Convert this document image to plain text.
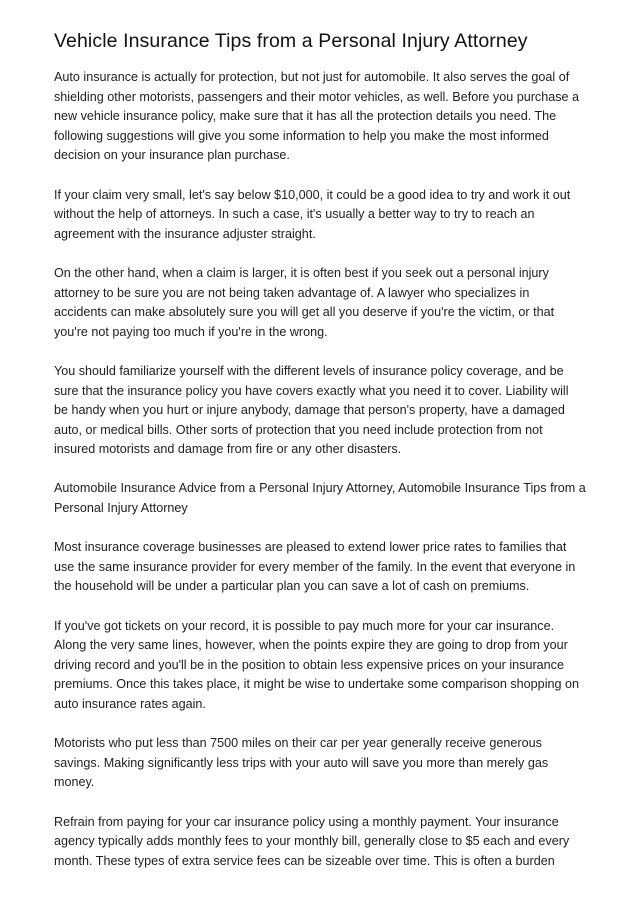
Vehicle Insurance Tips from a Personal Injury Attorney

Auto insurance is actually for protection, but not just for automobile. It also serves the goal of shielding other motorists, passengers and their motor vehicles, as well. Before you purchase a new vehicle insurance policy, make sure that it has all the protection details you need. The following suggestions will give you some information to help you make the most informed decision on your insurance plan purchase.

If your claim very small, let's say below $10,000, it could be a good idea to try and work it out without the help of attorneys. In such a case, it's usually a better way to try to reach an agreement with the insurance adjuster straight.

On the other hand, when a claim is larger, it is often best if you seek out a personal injury attorney to be sure you are not being taken advantage of. A lawyer who specializes in accidents can make absolutely sure you will get all you deserve if you're the victim, or that you're not paying too much if you're in the wrong.

You should familiarize yourself with the different levels of insurance policy coverage, and be sure that the insurance policy you have covers exactly what you need it to cover. Liability will be handy when you hurt or injure anybody, damage that person's property, have a damaged auto, or medical bills. Other sorts of protection that you need include protection from not insured motorists and damage from fire or any other disasters.

Automobile Insurance Advice from a Personal Injury Attorney, Automobile Insurance Tips from a Personal Injury Attorney

Most insurance coverage businesses are pleased to extend lower price rates to families that use the same insurance provider for every member of the family. In the event that everyone in the household will be under a particular plan you can save a lot of cash on premiums.

If you've got tickets on your record, it is possible to pay much more for your car insurance. Along the very same lines, however, when the points expire they are going to drop from your driving record and you'll be in the position to obtain less expensive prices on your insurance premiums. Once this takes place, it might be wise to undertake some comparison shopping on auto insurance rates again.

Motorists who put less than 7500 miles on their car per year generally receive generous savings. Making significantly less trips with your auto will save you more than merely gas money.

Refrain from paying for your car insurance policy using a monthly payment. Your insurance agency typically adds monthly fees to your monthly bill, generally close to $5 each and every month. These types of extra service fees can be sizeable over time. This is often a burden
